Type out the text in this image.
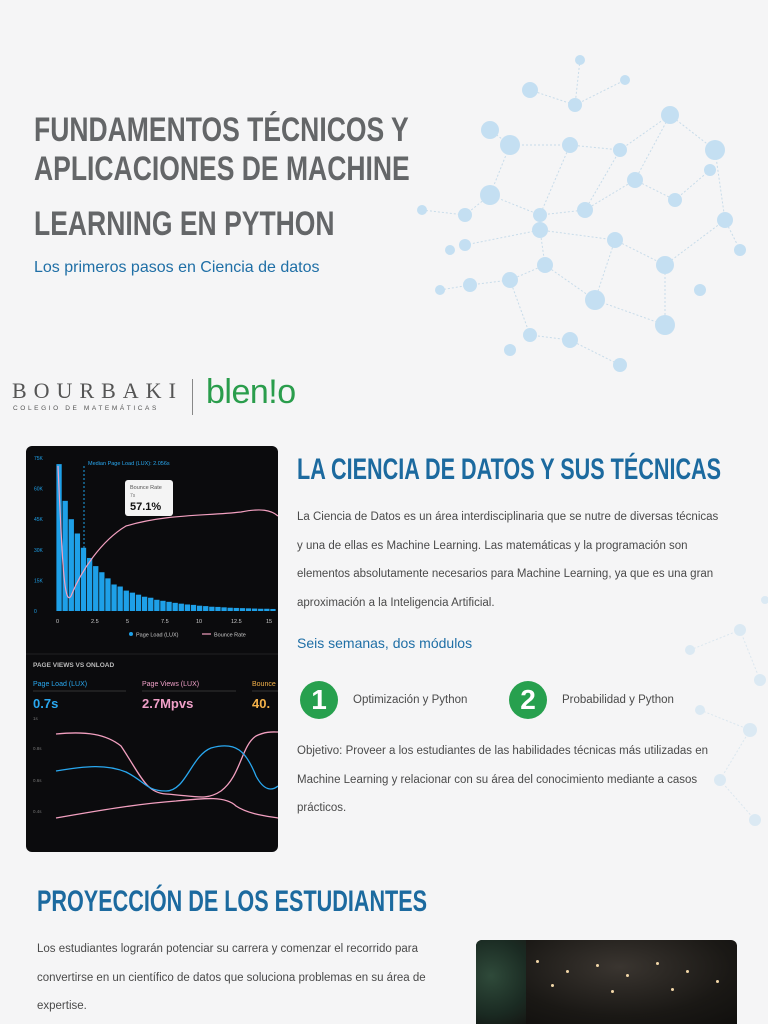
FUNDAMENTOS TÉCNICOS Y
APLICACIONES DE MACHINE
LEARNING EN PYTHON
Los primeros pasos en Ciencia de datos
BOURBAKI
COLEGIO DE MATEMÁTICAS blen!o
75K
60K
45K
30K
15K
0
0	2.5	5	7.5	10	12.5	15
Median Page Load (LUX): 2.056s
Bounce Rate
7s
57.1%
Page Load (LUX)	Bounce Rate
PAGE VIEWS VS ONLOAD
Page Load (LUX)
0.7s
Page Views (LUX)
2.7Mpvs
Bounce
40.
1s
0.8s
0.6s
0.4s
LA CIENCIA DE DATOS Y SUS TÉCNICAS
La Ciencia de Datos es un área interdisciplinaria que se nutre de diversas técnicas
y una de ellas es Machine Learning. Las matemáticas y la programación son
elementos absolutamente necesarios para Machine Learning, ya que es una gran
aproximación a la Inteligencia Artificial.
Seis semanas, dos módulos
1	Optimización y Python	2	Probabilidad y Python
Objetivo: Proveer a los estudiantes de las habilidades técnicas más utilizadas en
Machine Learning y relacionar con su área del conocimiento mediante a casos
prácticos.
PROYECCIÓN DE LOS ESTUDIANTES
Los estudiantes lograrán potenciar su carrera y comenzar el recorrido para
convertirse en un científico de datos que soluciona problemas en su área de
expertise.
